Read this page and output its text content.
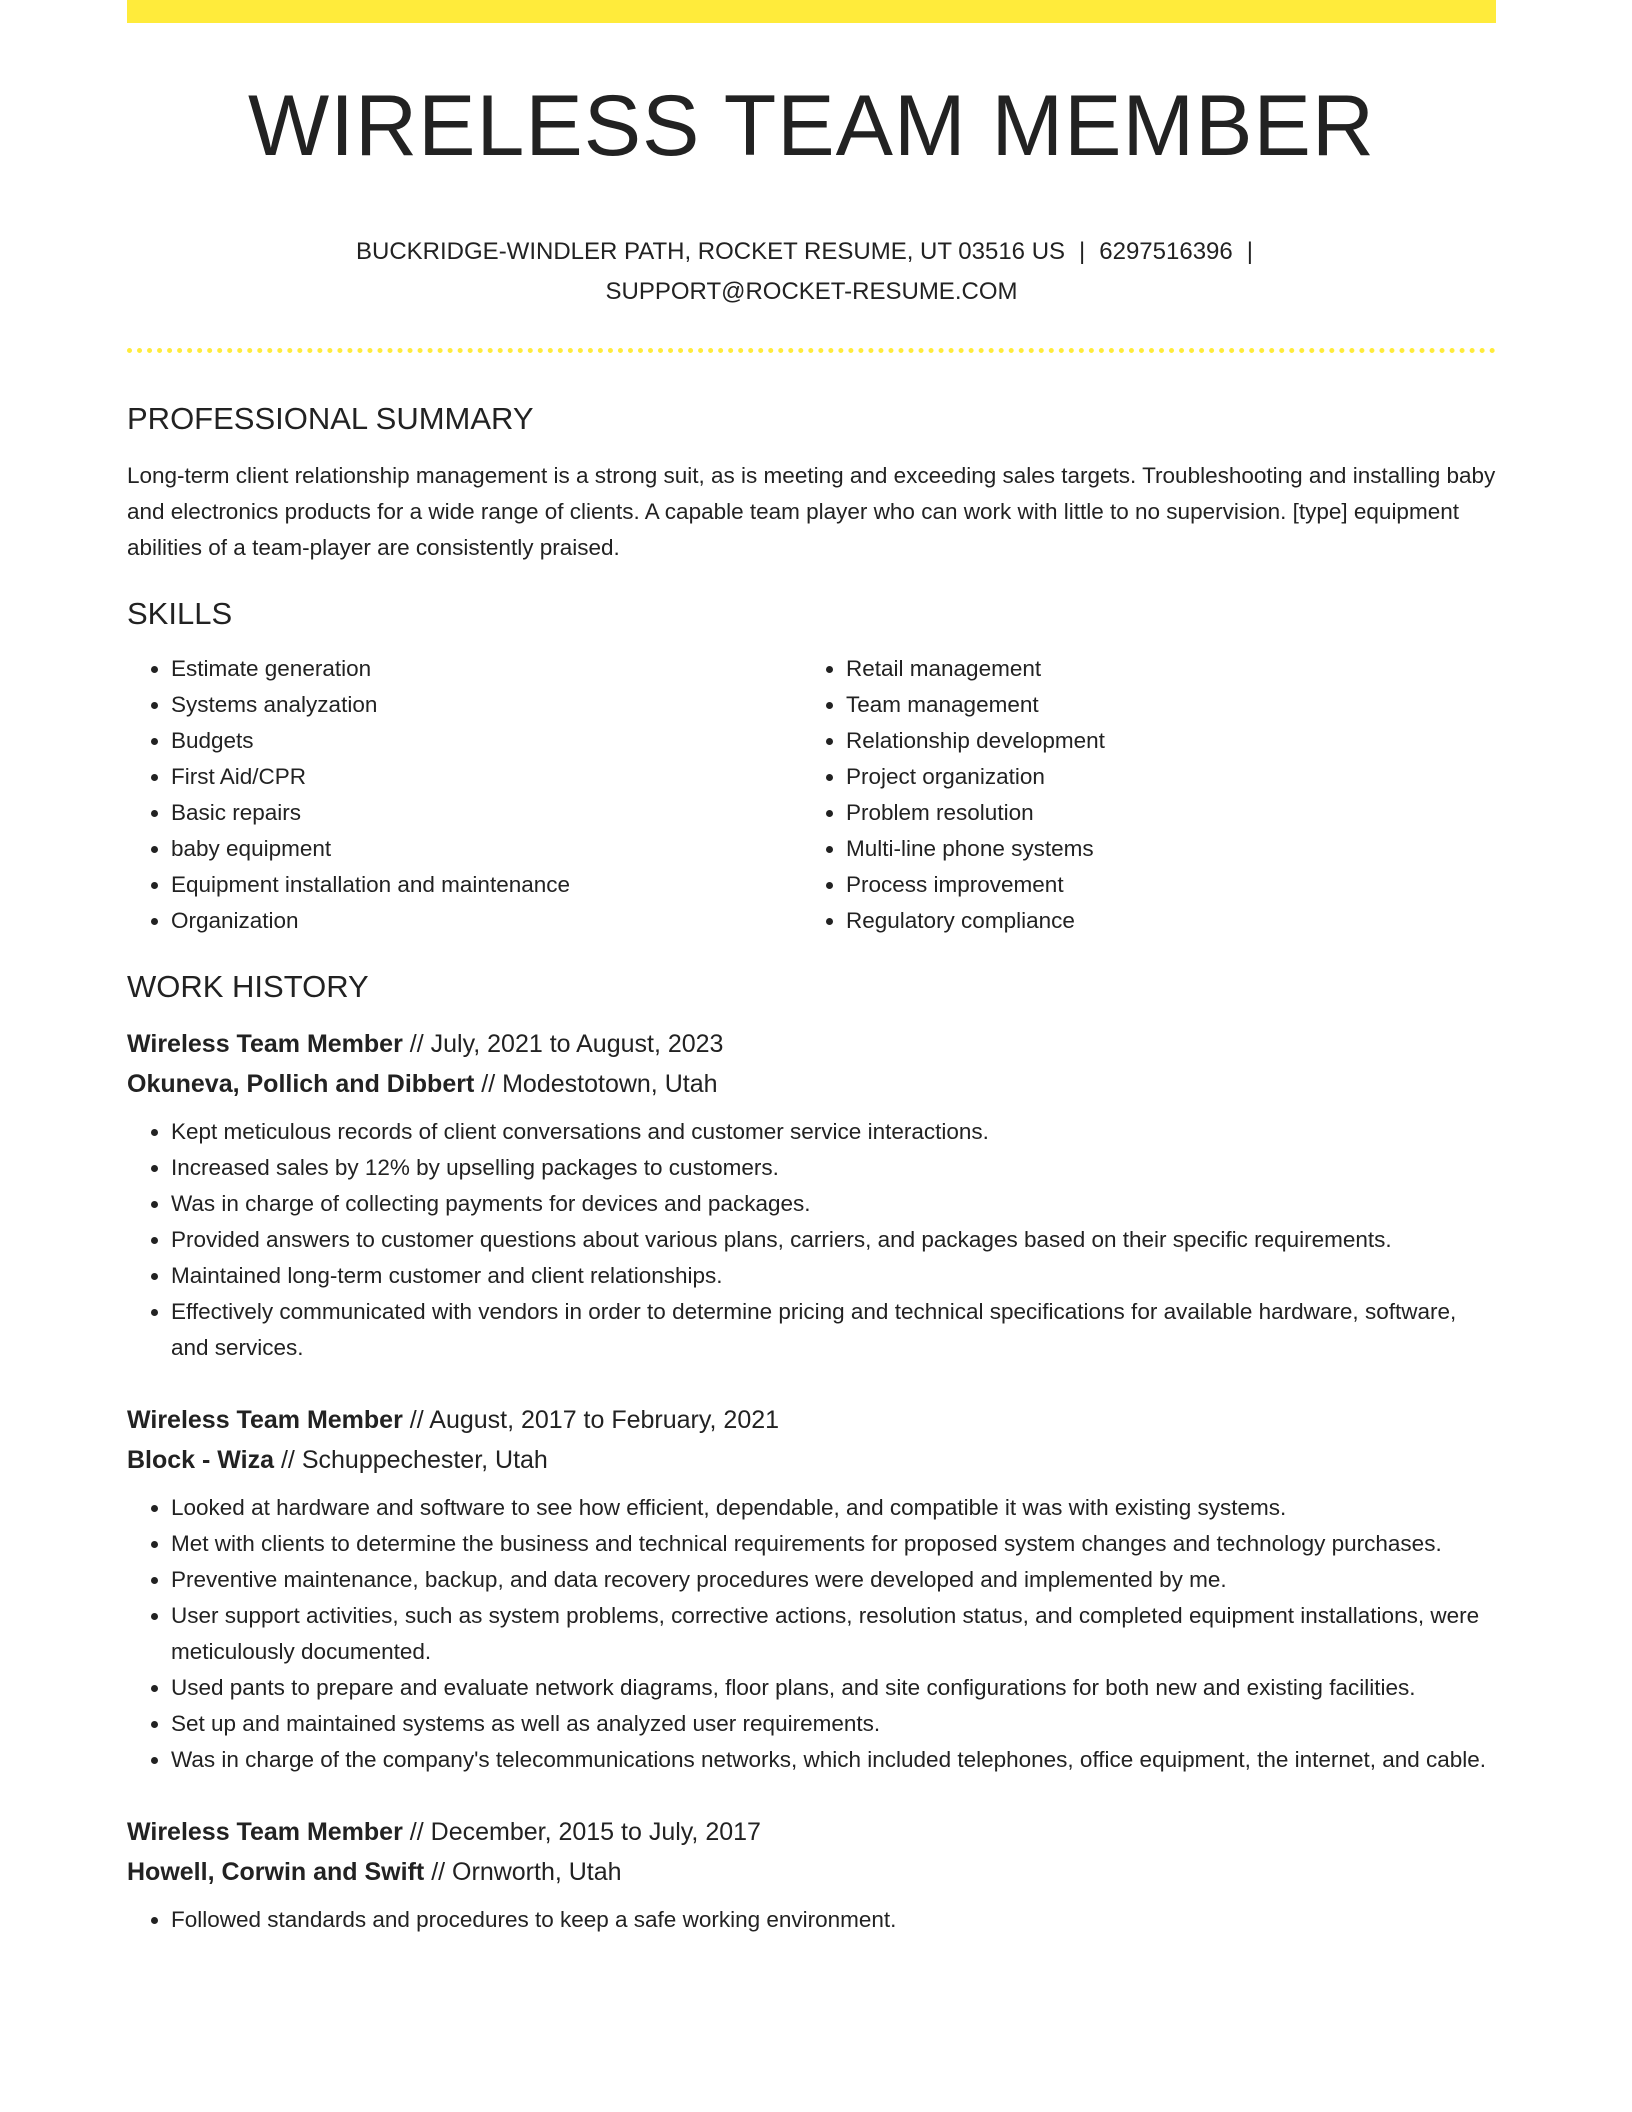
WIRELESS TEAM MEMBER
BUCKRIDGE-WINDLER PATH, ROCKET RESUME, UT 03516 US | 6297516396 |
SUPPORT@ROCKET-RESUME.COM
PROFESSIONAL SUMMARY

Long-term client relationship management is a strong suit, as is meeting and exceeding sales targets. Troubleshooting and installing baby and electronics products for a wide range of clients. A capable team player who can work with little to no supervision. [type] equipment abilities of a team-player are consistently praised.

SKILLS
• Estimate generation
• Systems analyzation
• Budgets
• First Aid/CPR
• Basic repairs
• baby equipment
• Equipment installation and maintenance
• Organization
• Retail management
• Team management
• Relationship development
• Project organization
• Problem resolution
• Multi-line phone systems
• Process improvement
• Regulatory compliance
WORK HISTORY
Wireless Team Member // July, 2021 to August, 2023
Okuneva, Pollich and Dibbert // Modestotown, Utah
• Kept meticulous records of client conversations and customer service interactions.
• Increased sales by 12% by upselling packages to customers.
• Was in charge of collecting payments for devices and packages.
• Provided answers to customer questions about various plans, carriers, and packages based on their specific requirements.
• Maintained long-term customer and client relationships.
• Effectively communicated with vendors in order to determine pricing and technical specifications for available hardware, software, and services.
Wireless Team Member // August, 2017 to February, 2021
Block - Wiza // Schuppechester, Utah
• Looked at hardware and software to see how efficient, dependable, and compatible it was with existing systems.
• Met with clients to determine the business and technical requirements for proposed system changes and technology purchases.
• Preventive maintenance, backup, and data recovery procedures were developed and implemented by me.
• User support activities, such as system problems, corrective actions, resolution status, and completed equipment installations, were meticulously documented.
• Used pants to prepare and evaluate network diagrams, floor plans, and site configurations for both new and existing facilities.
• Set up and maintained systems as well as analyzed user requirements.
• Was in charge of the company's telecommunications networks, which included telephones, office equipment, the internet, and cable.
Wireless Team Member // December, 2015 to July, 2017
Howell, Corwin and Swift // Ornworth, Utah
• Followed standards and procedures to keep a safe working environment.
